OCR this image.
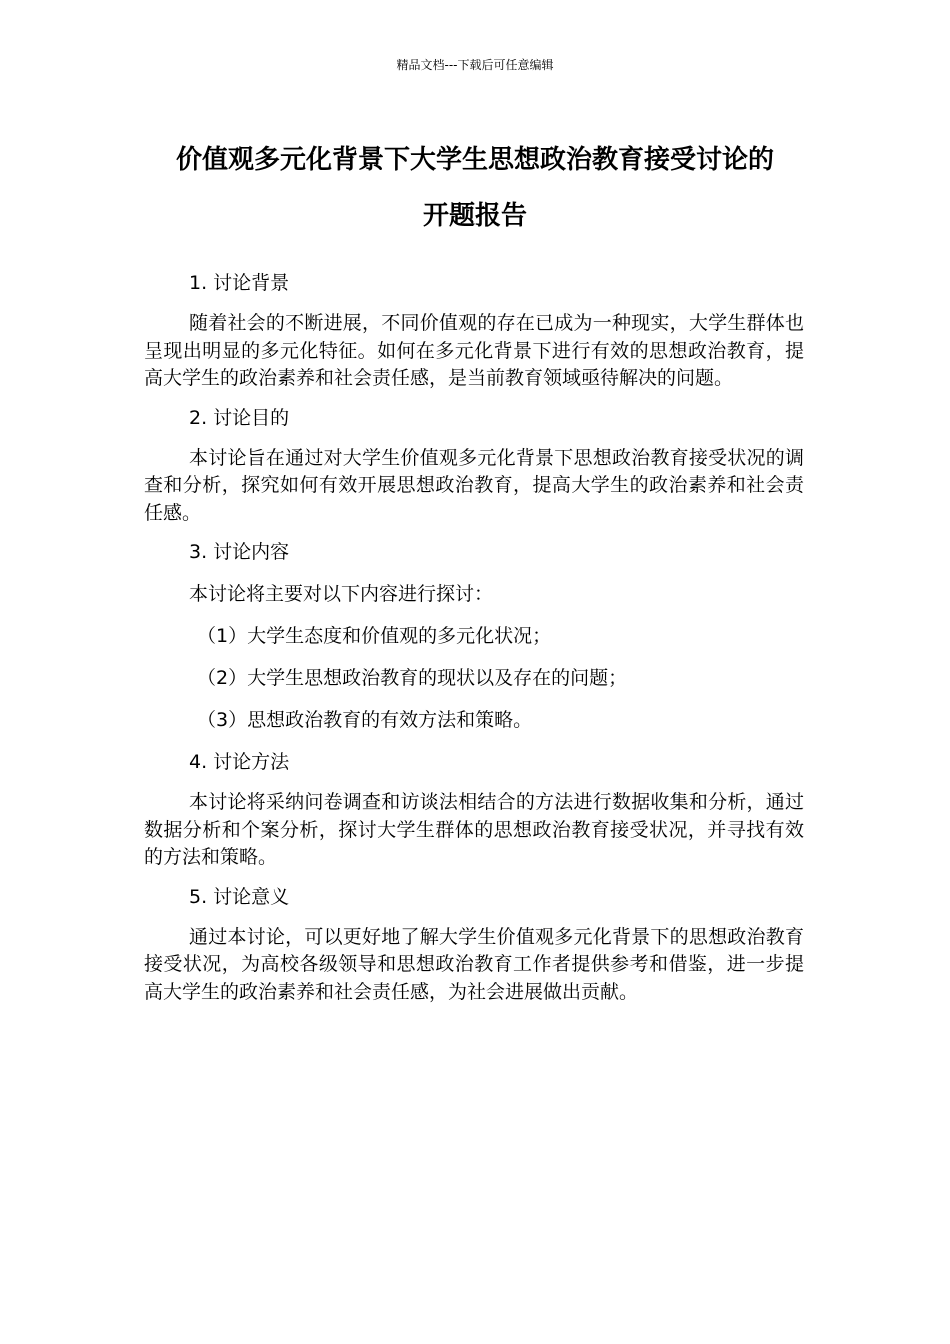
精品文档---下载后可任意编辑
价值观多元化背景下大学生思想政治教育接受讨论的
开题报告
1. 讨论背景
随着社会的不断进展，不同价值观的存在已成为一种现实，大学生群体也呈现出明显的多元化特征。如何在多元化背景下进行有效的思想政治教育，提高大学生的政治素养和社会责任感，是当前教育领域亟待解决的问题。
2. 讨论目的
本讨论旨在通过对大学生价值观多元化背景下思想政治教育接受状况的调查和分析，探究如何有效开展思想政治教育，提高大学生的政治素养和社会责任感。
3. 讨论内容
本讨论将主要对以下内容进行探讨：
（1）大学生态度和价值观的多元化状况；
（2）大学生思想政治教育的现状以及存在的问题；
（3）思想政治教育的有效方法和策略。
4. 讨论方法
本讨论将采纳问卷调查和访谈法相结合的方法进行数据收集和分析，通过数据分析和个案分析，探讨大学生群体的思想政治教育接受状况，并寻找有效的方法和策略。
5. 讨论意义
通过本讨论，可以更好地了解大学生价值观多元化背景下的思想政治教育接受状况，为高校各级领导和思想政治教育工作者提供参考和借鉴，进一步提高大学生的政治素养和社会责任感，为社会进展做出贡献。
